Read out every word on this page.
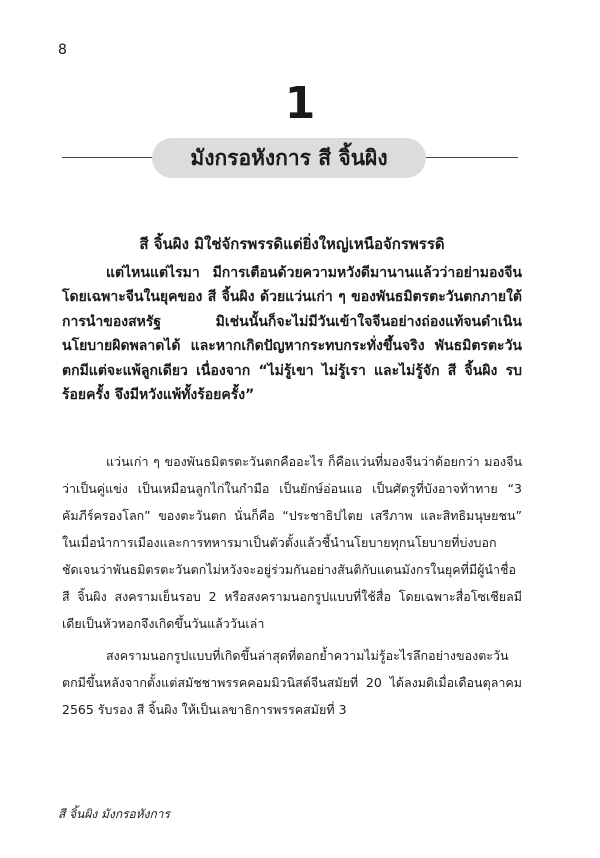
8
1
มังกรอหังการ สี จิ้นผิง
สี จิ้นผิง มิใช่จักรพรรดิแต่ยิ่งใหญ่เหนือจักรพรรดิ

แต่ไหนแต่ไรมา มีการเตือนด้วยความหวังดีมานานแล้วว่าอย่ามองจีน โดยเฉพาะจีนในยุคของ สี จิ้นผิง ด้วยแว่นเก่า ๆ ของพันธมิตรตะวันตกภายใต้การนำของสหรัฐ มิเช่นนั้นก็จะไม่มีวันเข้าใจจีนอย่างถ่องแท้จนดำเนินนโยบายผิดพลาดได้ และหากเกิดปัญหากระทบกระทั่งขึ้นจริง พันธมิตรตะวันตกมีแต่จะแพ้ลูกเดียว เนื่องจาก “ไม่รู้เขา ไม่รู้เรา และไม่รู้จัก สี จิ้นผิง รบร้อยครั้ง จึงมีหวังแพ้ทั้งร้อยครั้ง”

แว่นเก่า ๆ ของพันธมิตรตะวันตกคืออะไร ก็คือแว่นที่มองจีนว่าด้อยกว่า มองจีนว่าเป็นคู่แข่ง เป็นเหมือนลูกไก่ในกำมือ เป็นยักษ์อ่อนแอ เป็นศัตรูที่บังอาจท้าทาย “3 คัมภีร์ครองโลก” ของตะวันตก นั่นก็คือ “ประชาธิปไตย เสรีภาพ และสิทธิมนุษยชน” ในเมื่อนำการเมืองและการทหารมาเป็นตัวตั้งแล้วชี้นำนโยบายทุกนโยบายที่บ่งบอกชัดเจนว่าพันธมิตรตะวันตกไม่หวังจะอยู่ร่วมกันอย่างสันติกับแดนมังกรในยุคที่มีผู้นำชื่อ สี จิ้นผิง สงครามเย็นรอบ 2 หรือสงครามนอกรูปแบบที่ใช้สื่อ โดยเฉพาะสื่อโซเชียลมีเดียเป็นหัวหอกจึงเกิดขึ้นวันแล้ววันเล่า

สงครามนอกรูปแบบที่เกิดขึ้นล่าสุดที่ตอกย้ำความไม่รู้อะไรลึกอย่างของตะวันตกมีขึ้นหลังจากตั้งแต่สมัชชาพรรคคอมมิวนิสต์จีนสมัยที่ 20 ได้ลงมติเมื่อเดือนตุลาคม 2565 รับรอง สี จิ้นผิง ให้เป็นเลขาธิการพรรคสมัยที่ 3

สี จิ้นผิง มังกรอหังการ
